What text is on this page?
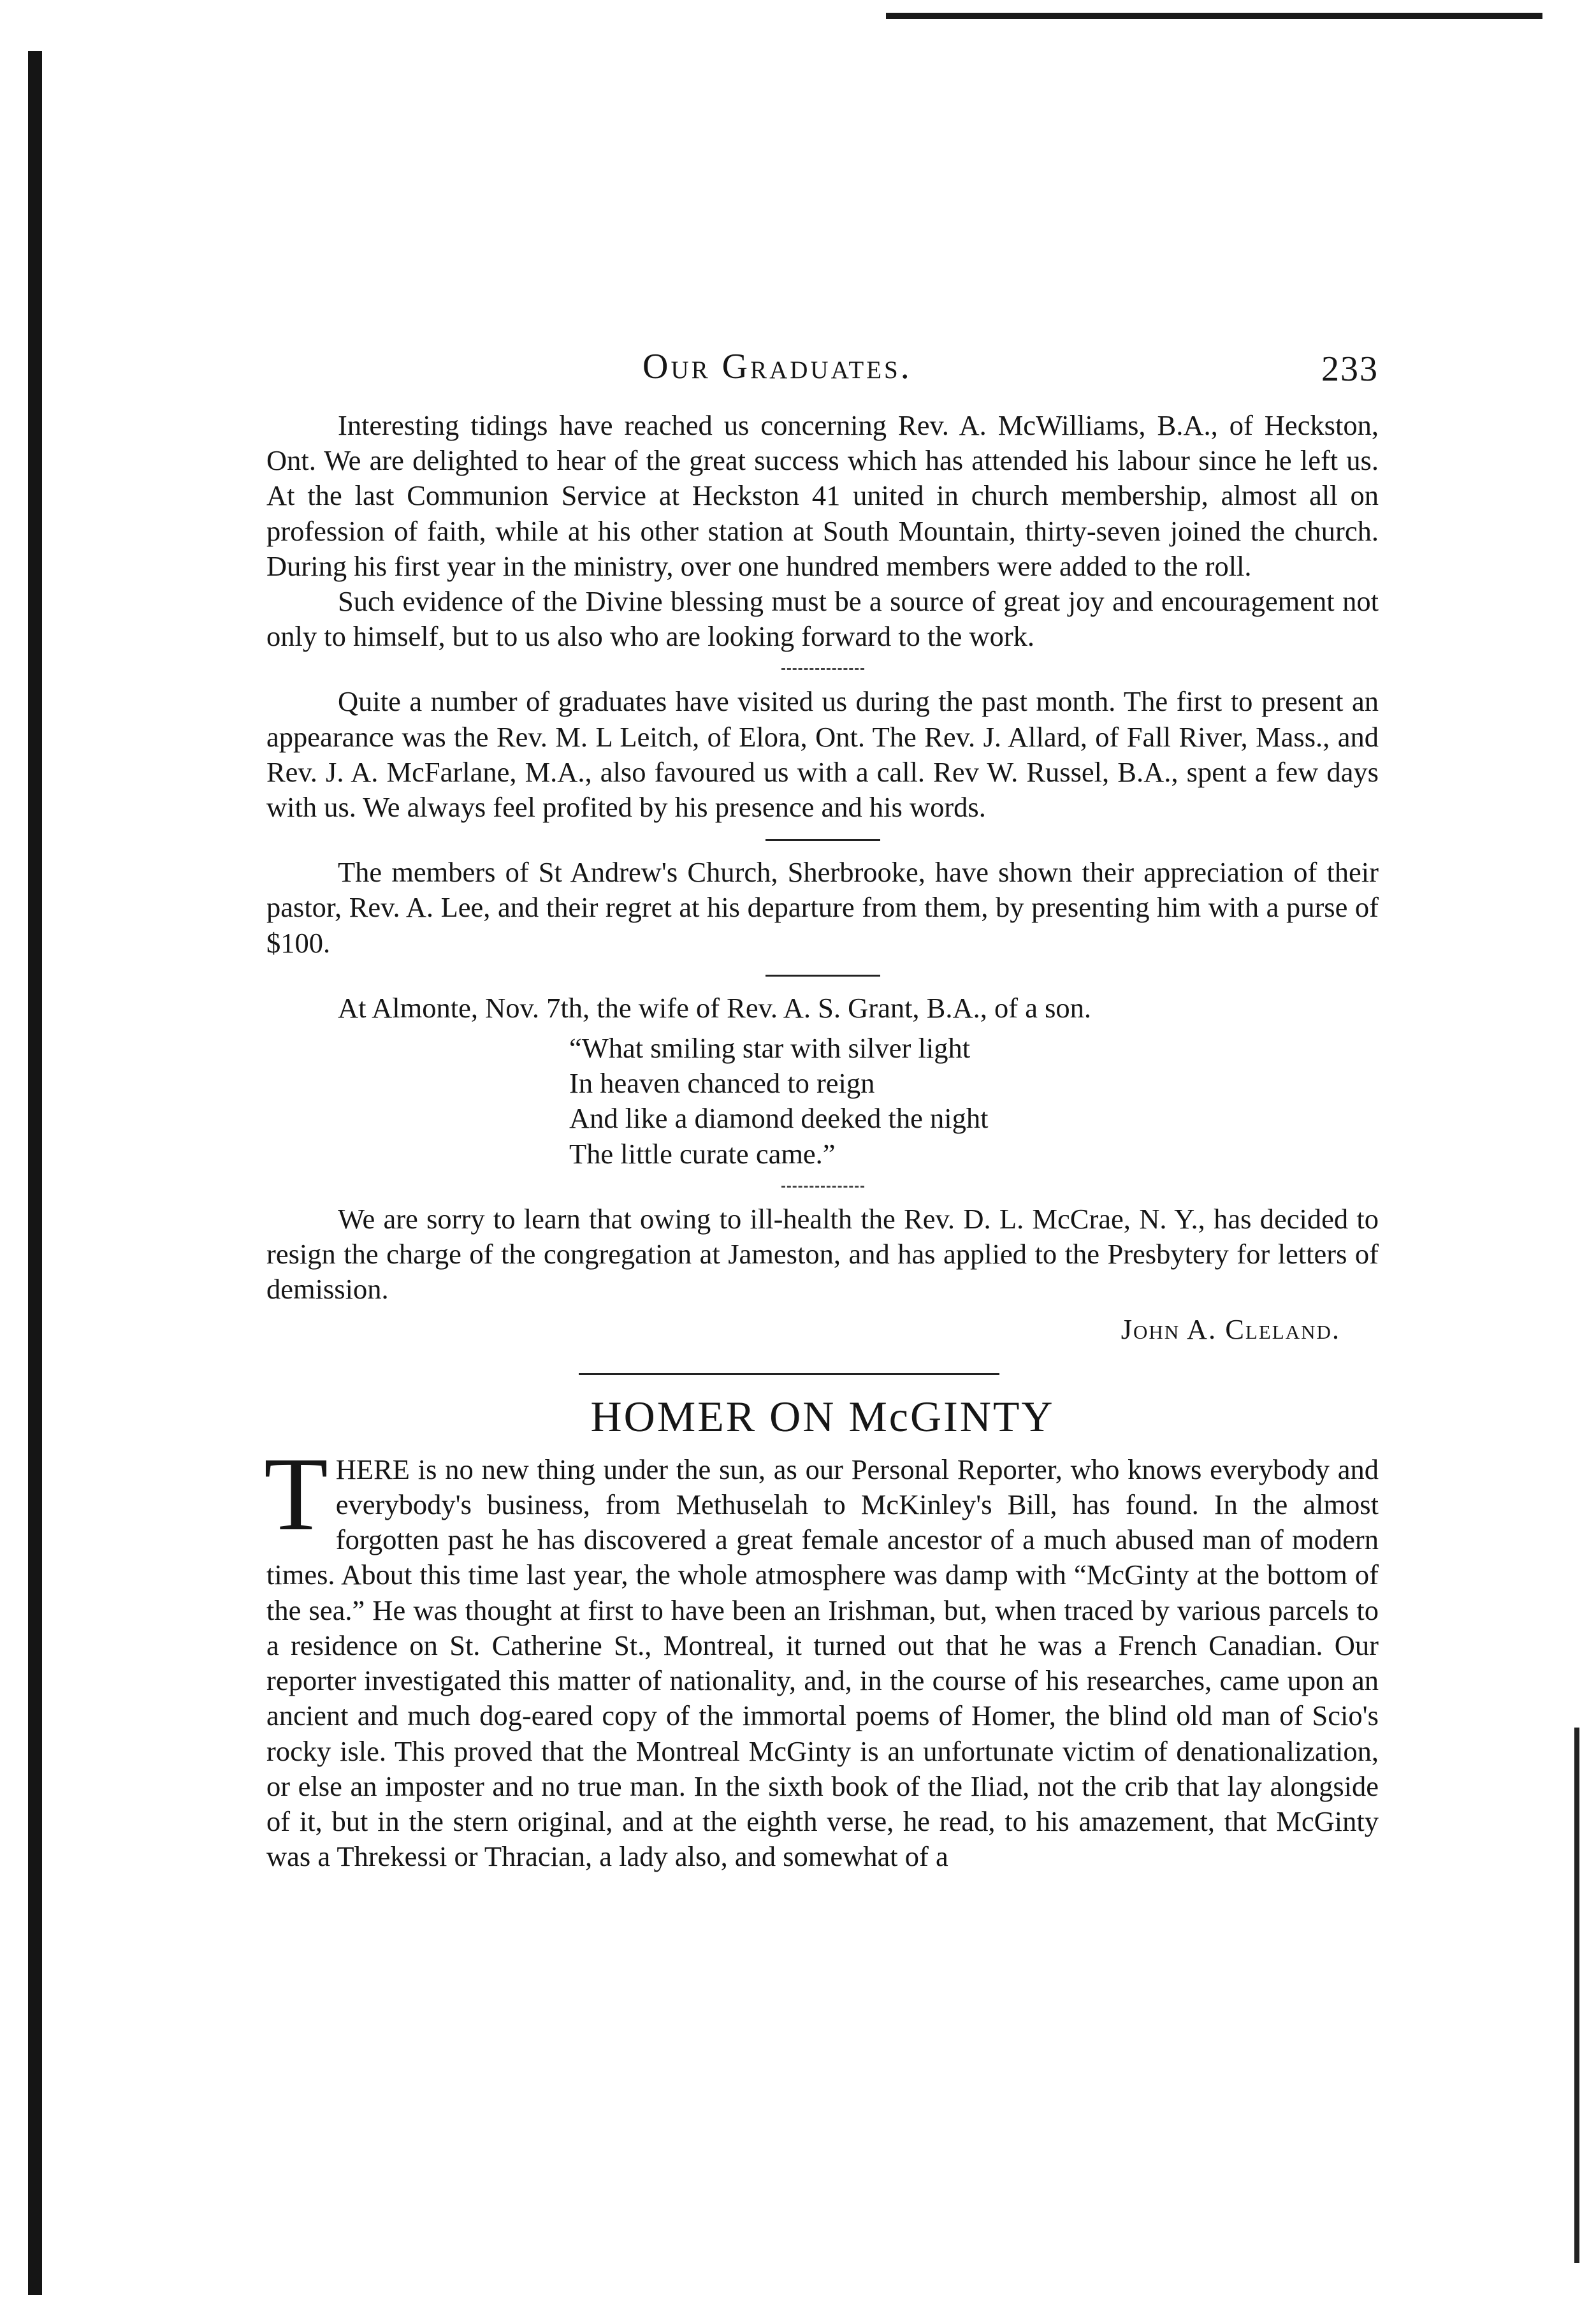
Our Graduates.	233

Interesting tidings have reached us concerning Rev. A. McWilliams, B.A., of Heckston, Ont. We are delighted to hear of the great success which has attended his labour since he left us. At the last Communion Service at Heckston 41 united in church membership, almost all on profession of faith, while at his other station at South Mountain, thirty-seven joined the church. During his first year in the ministry, over one hundred members were added to the roll.

Such evidence of the Divine blessing must be a source of great joy and encouragement not only to himself, but to us also who are looking forward to the work.

Quite a number of graduates have visited us during the past month. The first to present an appearance was the Rev. M. L Leitch, of Elora, Ont. The Rev. J. Allard, of Fall River, Mass., and Rev. J. A. McFarlane, M.A., also favoured us with a call. Rev W. Russel, B.A., spent a few days with us. We always feel profited by his presence and his words.

The members of St Andrew's Church, Sherbrooke, have shown their appreciation of their pastor, Rev. A. Lee, and their regret at his departure from them, by presenting him with a purse of $100.

At Almonte, Nov. 7th, the wife of Rev. A. S. Grant, B.A., of a son.

“What smiling star with silver light
In heaven chanced to reign
And like a diamond deeked the night
The little curate came.”

We are sorry to learn that owing to ill-health the Rev. D. L. McCrae, N. Y., has decided to resign the charge of the congregation at Jameston, and has applied to the Presbytery for letters of demission.

John A. Cleland.
HOMER ON McGINTY

THERE is no new thing under the sun, as our Personal Reporter, who knows everybody and everybody's business, from Methuselah to McKinley's Bill, has found. In the almost forgotten past he has discovered a great female ancestor of a much abused man of modern times. About this time last year, the whole atmosphere was damp with “McGinty at the bottom of the sea.” He was thought at first to have been an Irishman, but, when traced by various parcels to a residence on St. Catherine St., Montreal, it turned out that he was a French Canadian. Our reporter investigated this matter of nationality, and, in the course of his researches, came upon an ancient and much dog-eared copy of the immortal poems of Homer, the blind old man of Scio's rocky isle. This proved that the Montreal McGinty is an unfortunate victim of denationalization, or else an imposter and no true man. In the sixth book of the Iliad, not the crib that lay alongside of it, but in the stern original, and at the eighth verse, he read, to his amazement, that McGinty was a Threkessi or Thracian, a lady also, and somewhat of a
